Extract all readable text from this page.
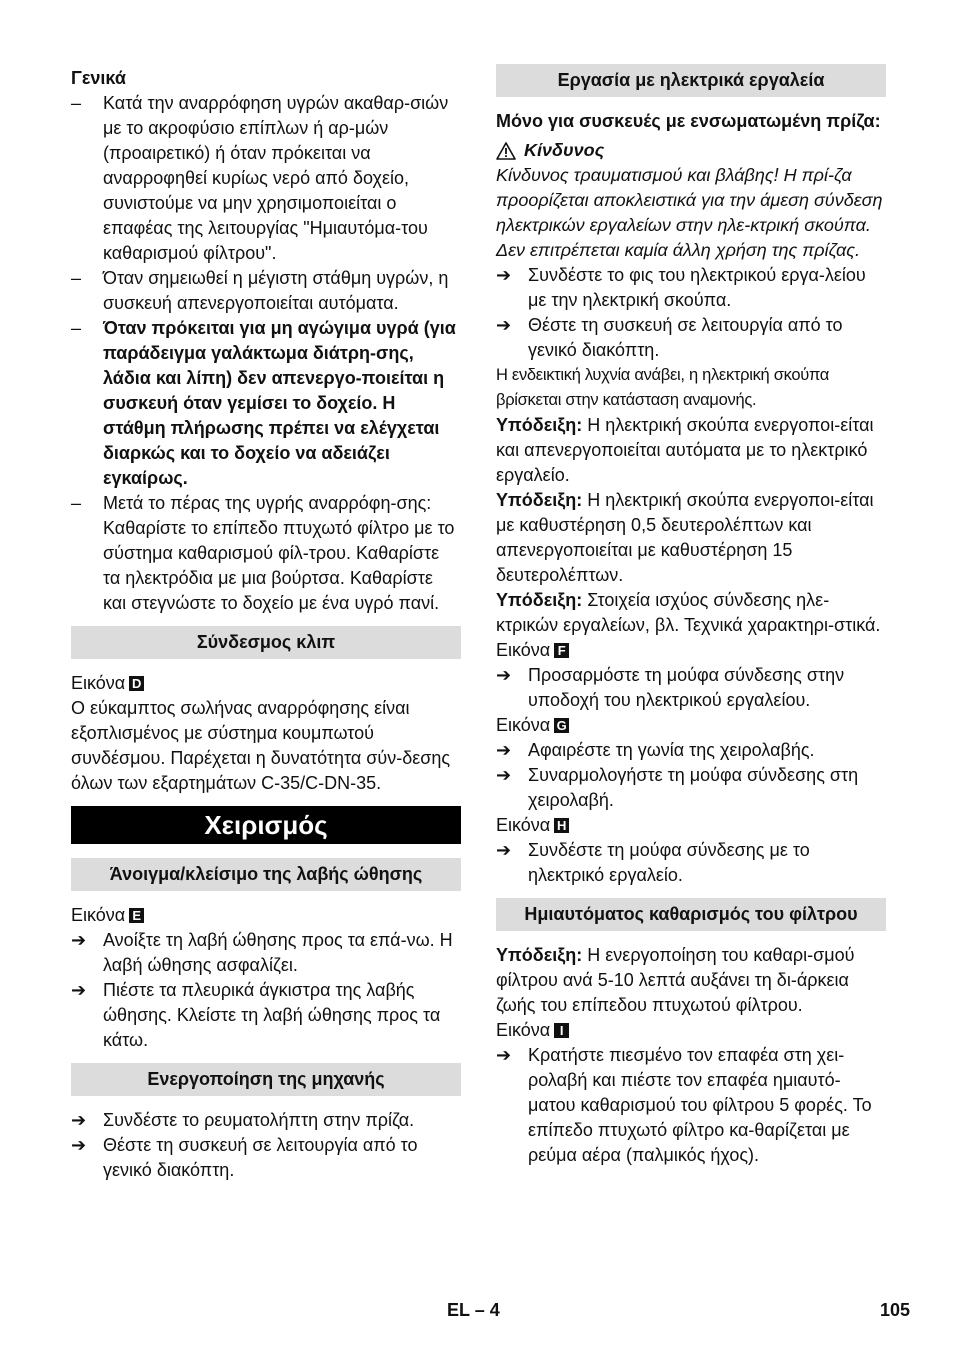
Γενικά

–	Κατά την αναρρόφηση υγρών ακαθαρ-σιών με το ακροφύσιο επίπλων ή αρ-μών (προαιρετικό) ή όταν πρόκειται να αναρροφηθεί κυρίως νερό από δοχείο, συνιστούμε να μην χρησιμοποιείται ο επαφέας της λειτουργίας "Ημιαυτόμα-του καθαρισμού φίλτρου".
–	Όταν σημειωθεί η μέγιστη στάθμη υγρών, η συσκευή απενεργοποιείται αυτόματα.
–	Όταν πρόκειται για μη αγώγιμα υγρά (για παράδειγμα γαλάκτωμα διάτρη-σης, λάδια και λίπη) δεν απενεργο-ποιείται η συσκευή όταν γεμίσει το δοχείο. Η στάθμη πλήρωσης πρέπει να ελέγχεται διαρκώς και το δοχείο να αδειάζει εγκαίρως.
–	Μετά το πέρας της υγρής αναρρόφη-σης: Καθαρίστε το επίπεδο πτυχωτό φίλτρο με το σύστημα καθαρισμού φίλ-τρου. Καθαρίστε τα ηλεκτρόδια με μια βούρτσα. Καθαρίστε και στεγνώστε το δοχείο με ένα υγρό πανί.
Σύνδεσμος κλιπ

Εικόνα D

Ο εύκαμπτος σωλήνας αναρρόφησης είναι εξοπλισμένος με σύστημα κουμπωτού συνδέσμου. Παρέχεται η δυνατότητα σύν-δεσης όλων των εξαρτημάτων C-35/C-DN-35.

Χειρισμός
Άνοιγμα/κλείσιμο της λαβής ώθησης

Εικόνα E

➔ Ανοίξτε τη λαβή ώθησης προς τα επά-νω. Η λαβή ώθησης ασφαλίζει.
➔ Πιέστε τα πλευρικά άγκιστρα της λαβής ώθησης. Κλείστε τη λαβή ώθησης προς τα κάτω.
Ενεργοποίηση της μηχανής
➔ Συνδέστε το ρευματολήπτη στην πρίζα.
➔ Θέστε τη συσκευή σε λειτουργία από το γενικό διακόπτη.
Εργασία με ηλεκτρικά εργαλεία

Μόνο για συσκευές με ενσωματωμένη πρίζα:

Κίνδυνος

Κίνδυνος τραυματισμού και βλάβης! Η πρί-ζα προορίζεται αποκλειστικά για την άμεση σύνδεση ηλεκτρικών εργαλείων στην ηλε-κτρική σκούπα. Δεν επιτρέπεται καμία άλλη χρήση της πρίζας.

➔ Συνδέστε το φις του ηλεκτρικού εργα-λείου με την ηλεκτρική σκούπα.
➔ Θέστε τη συσκευή σε λειτουργία από το γενικό διακόπτη.

Η ενδεικτική λυχνία ανάβει, η ηλεκτρική σκούπα βρίσκεται στην κατάσταση αναμονής.

Υπόδειξη: Η ηλεκτρική σκούπα ενεργοποι-είται και απενεργοποιείται αυτόματα με το ηλεκτρικό εργαλείο.

Υπόδειξη: Η ηλεκτρική σκούπα ενεργοποι-είται με καθυστέρηση 0,5 δευτερολέπτων και απενεργοποιείται με καθυστέρηση 15 δευτερολέπτων.

Υπόδειξη: Στοιχεία ισχύος σύνδεσης ηλε-κτρικών εργαλείων, βλ. Τεχνικά χαρακτηρι-στικά.

Εικόνα F

➔ Προσαρμόστε τη μούφα σύνδεσης στην υποδοχή του ηλεκτρικού εργαλείου.

Εικόνα G

➔ Αφαιρέστε τη γωνία της χειρολαβής.
➔ Συναρμολογήστε τη μούφα σύνδεσης στη χειρολαβή.

Εικόνα H

➔ Συνδέστε τη μούφα σύνδεσης με το ηλεκτρικό εργαλείο.
Ημιαυτόματος καθαρισμός του φίλτρου

Υπόδειξη: Η ενεργοποίηση του καθαρι-σμού φίλτρου ανά 5-10 λεπτά αυξάνει τη δι-άρκεια ζωής του επίπεδου πτυχωτού φίλτρου.

Εικόνα I

➔ Κρατήστε πιεσμένο τον επαφέα στη χει-ρολαβή και πιέστε τον επαφέα ημιαυτό-ματου καθαρισμού του φίλτρου 5 φορές. Το επίπεδο πτυχωτό φίλτρο κα-θαρίζεται με ρεύμα αέρα (παλμικός ήχος).
EL – 4	105
